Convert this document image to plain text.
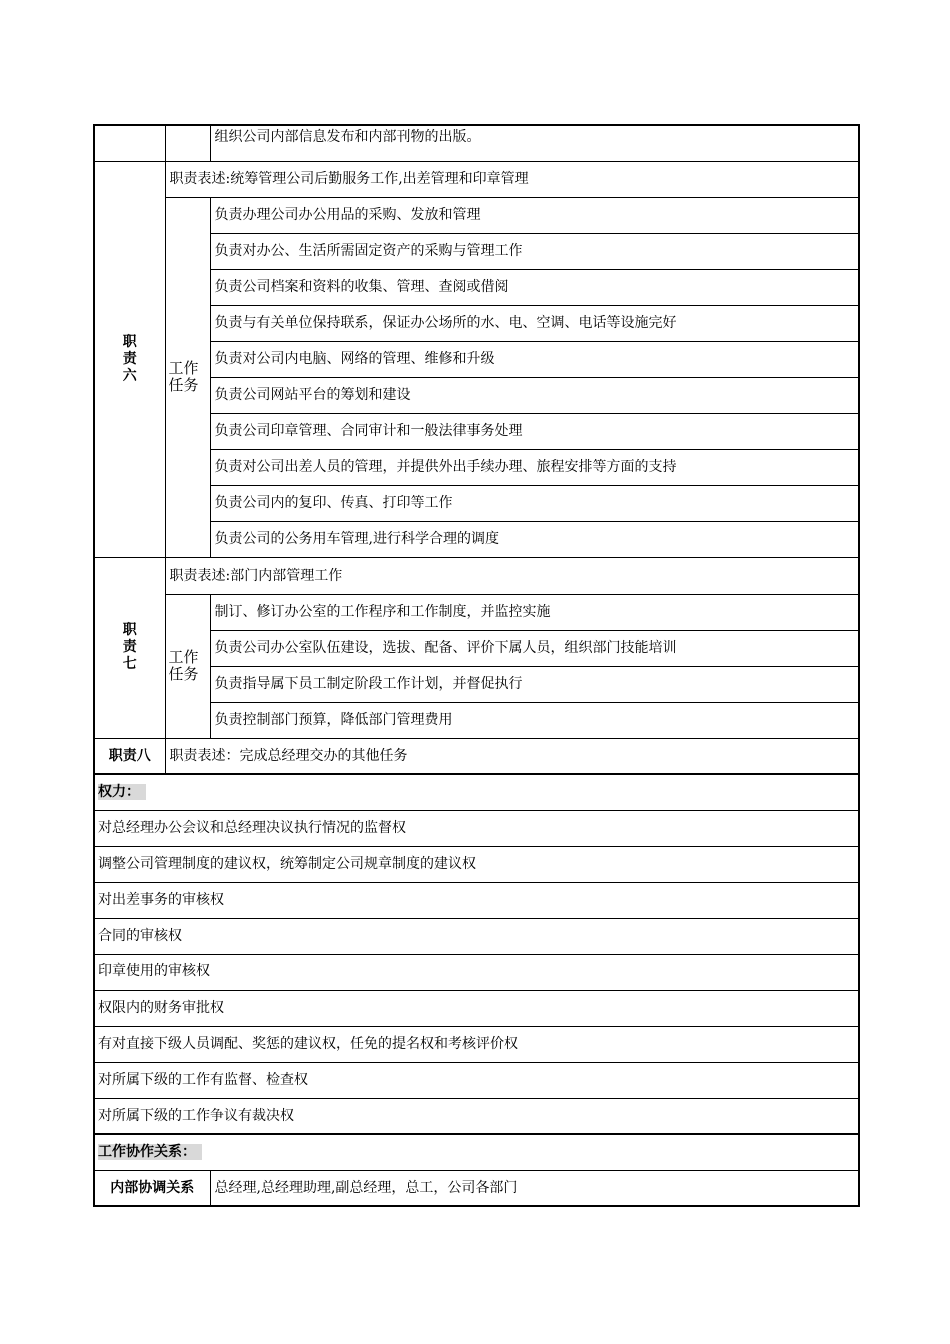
		组织公司内部信息发布和内部刊物的出版。

职责六	职责表述:统筹管理公司后勤服务工作,出差管理和印章管理	

	工作任务	负责办理公司办公用品的采购、发放和管理
		负责对办公、生活所需固定资产的采购与管理工作
		负责公司档案和资料的收集、管理、查阅或借阅
		负责与有关单位保持联系，保证办公场所的水、电、空调、电话等设施完好
		负责对公司内电脑、网络的管理、维修和升级
		负责公司网站平台的筹划和建设
		负责公司印章管理、合同审计和一般法律事务处理
		负责对公司出差人员的管理，并提供外出手续办理、旅程安排等方面的支持
		负责公司内的复印、传真、打印等工作
		负责公司的公务用车管理,进行科学合理的调度

职责七	职责表述:部门内部管理工作	

	工作任务	制订、修订办公室的工作程序和工作制度，并监控实施
		负责公司办公室队伍建设，选拔、配备、评价下属人员，组织部门技能培训
		负责指导属下员工制定阶段工作计划，并督促执行
		负责控制部门预算，降低部门管理费用
职责八	职责表述：完成总经理交办的其他任务	
权力：		
对总经理办公会议和总经理决议执行情况的监督权		
调整公司管理制度的建议权，统筹制定公司规章制度的建议权		
对出差事务的审核权		
合同的审核权		
印章使用的审核权		
权限内的财务审批权		
有对直接下级人员调配、奖惩的建议权，任免的提名权和考核评价权		
对所属下级的工作有监督、检查权		
对所属下级的工作争议有裁决权		
工作协作关系：		
内部协调关系	总经理,总经理助理,副总经理，总工，公司各部门
